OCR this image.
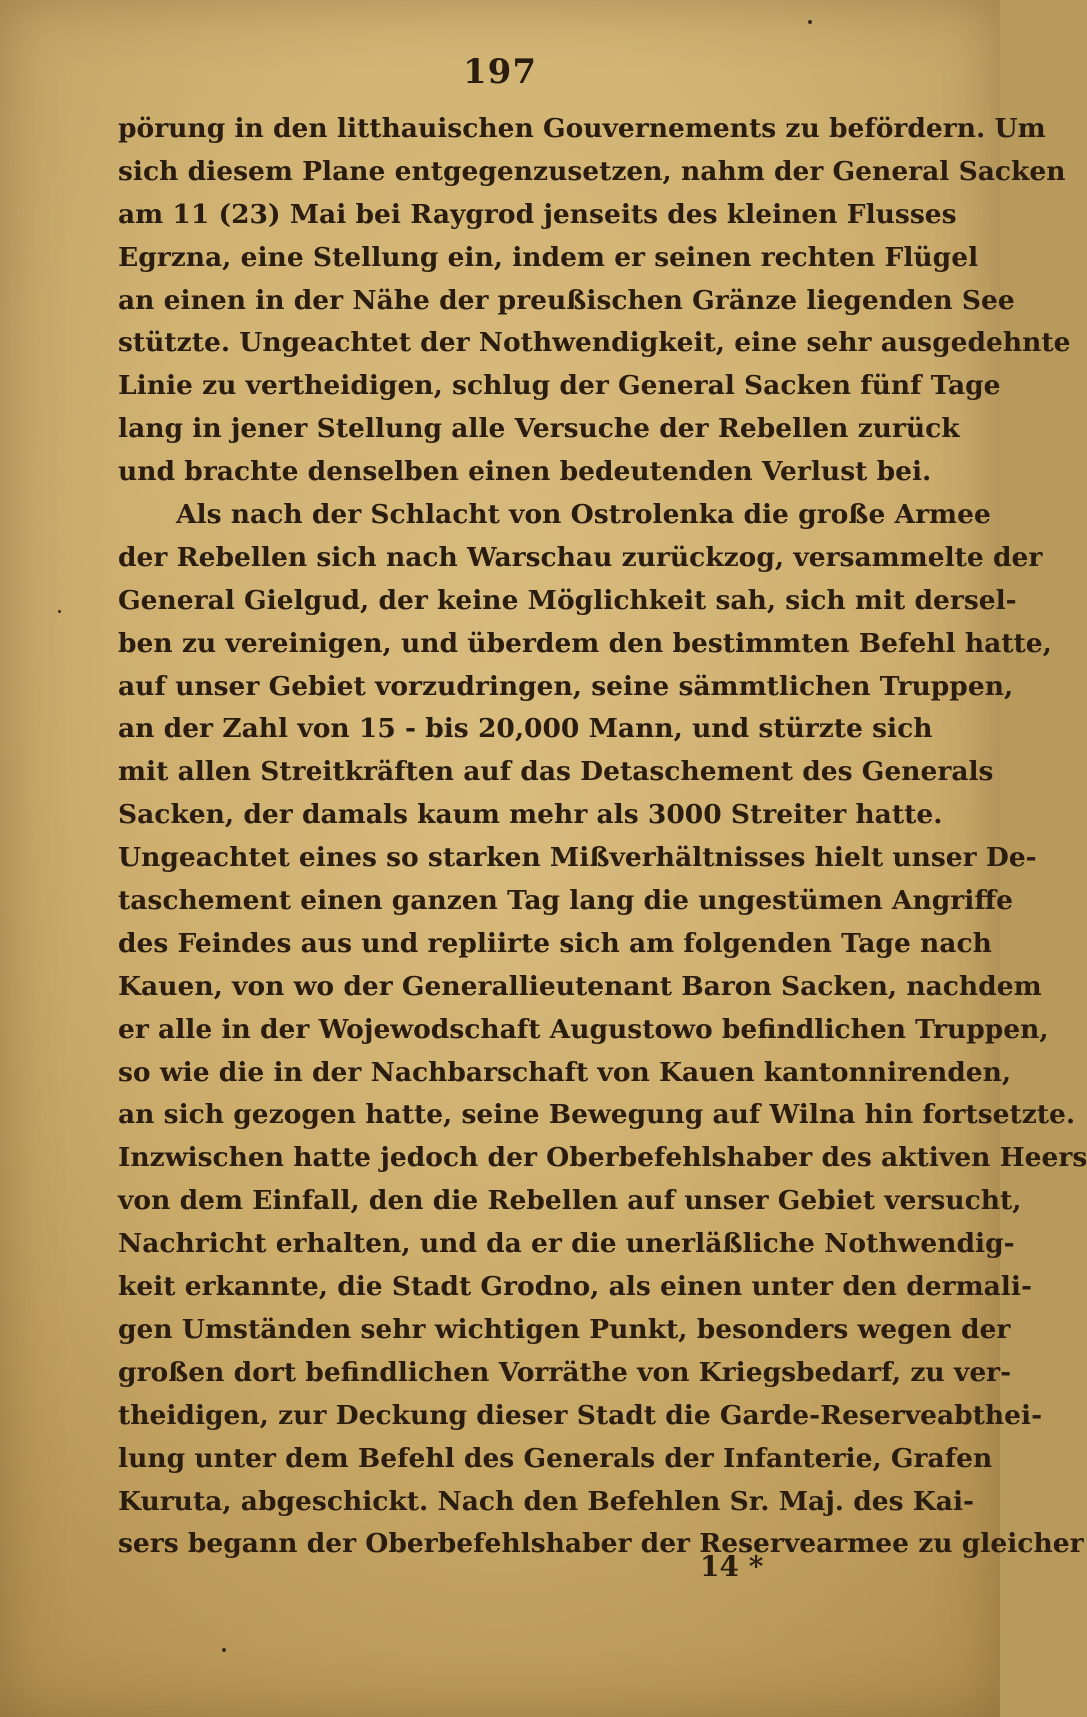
197
pörung in den litthauischen Gouvernements zu befördern. Um
sich diesem Plane entgegenzusetzen, nahm der General Sacken
am 11 (23) Mai bei Raygrod jenseits des kleinen Flusses
Egrzna, eine Stellung ein, indem er seinen rechten Flügel
an einen in der Nähe der preußischen Gränze liegenden See
stützte. Ungeachtet der Nothwendigkeit, eine sehr ausgedehnte
Linie zu vertheidigen, schlug der General Sacken fünf Tage
lang in jener Stellung alle Versuche der Rebellen zurück
und brachte denselben einen bedeutenden Verlust bei.
Als nach der Schlacht von Ostrolenka die große Armee
der Rebellen sich nach Warschau zurückzog, versammelte der
General Gielgud, der keine Möglichkeit sah, sich mit dersel-
ben zu vereinigen, und überdem den bestimmten Befehl hatte,
auf unser Gebiet vorzudringen, seine sämmtlichen Truppen,
an der Zahl von 15 - bis 20,000 Mann, und stürzte sich
mit allen Streitkräften auf das Detaschement des Generals
Sacken, der damals kaum mehr als 3000 Streiter hatte.
Ungeachtet eines so starken Mißverhältnisses hielt unser De-
taschement einen ganzen Tag lang die ungestümen Angriffe
des Feindes aus und repliirte sich am folgenden Tage nach
Kauen, von wo der Generallieutenant Baron Sacken, nachdem
er alle in der Wojewodschaft Augustowo befindlichen Truppen,
so wie die in der Nachbarschaft von Kauen kantonnirenden,
an sich gezogen hatte, seine Bewegung auf Wilna hin fortsetzte.
Inzwischen hatte jedoch der Oberbefehlshaber des aktiven Heers
von dem Einfall, den die Rebellen auf unser Gebiet versucht,
Nachricht erhalten, und da er die unerläßliche Nothwendig-
keit erkannte, die Stadt Grodno, als einen unter den dermali-
gen Umständen sehr wichtigen Punkt, besonders wegen der
großen dort befindlichen Vorräthe von Kriegsbedarf, zu ver-
theidigen, zur Deckung dieser Stadt die Garde-Reserveabthei-
lung unter dem Befehl des Generals der Infanterie, Grafen
Kuruta, abgeschickt. Nach den Befehlen Sr. Maj. des Kai-
sers begann der Oberbefehlshaber der Reservearmee zu gleicher
14 *
